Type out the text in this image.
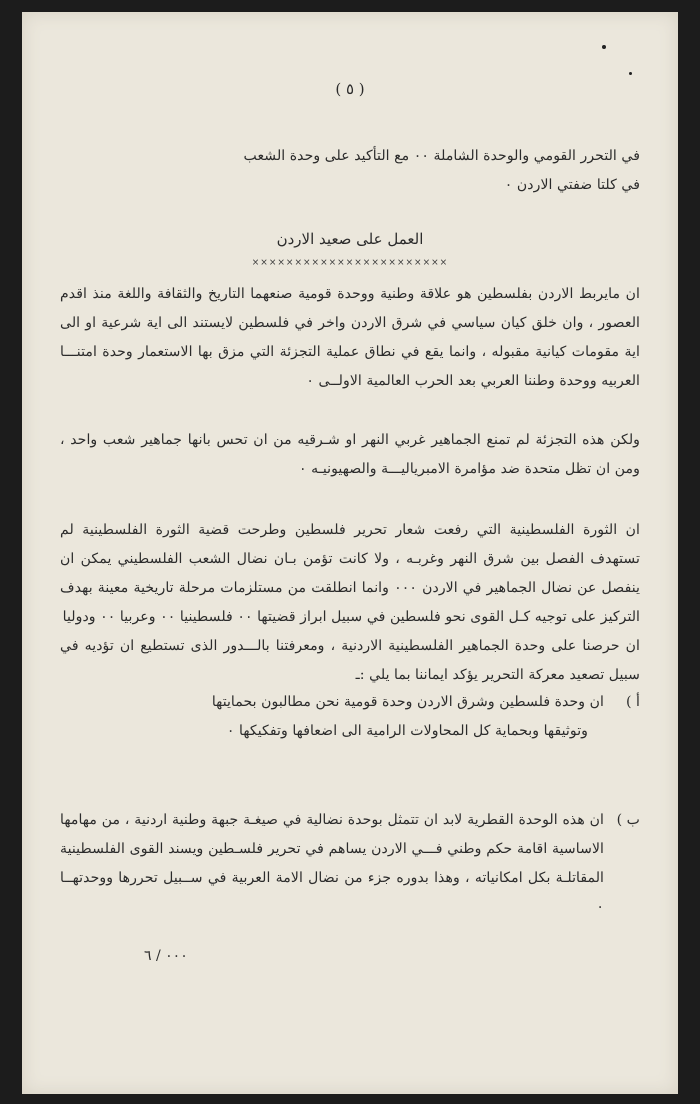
( ٥ )

في التحرر القومي والوحدة الشاملة ٠٠ مع التأكيد على وحدة الشعب

في كلتا ضفتي الاردن ٠

العمل على صعيد الاردن
×××××××××××××××××××××××

ان مايربط الاردن بفلسطين هو علاقة وطنية ووحدة قومية صنعهما التاريخ والثقافة واللغة منذ اقدم العصور ، وان خلق كيان سياسي في شرق الاردن واخر في فلسطين لايستند الى اية شرعية او الى اية مقومات كيانية مقبوله ، وانما يقع في نطاق عملية التجزئة التي مزق بها الاستعمار وحدة امتنـــا العربيه ووحدة وطننا العربي بعد الحرب العالمية الاولــى ٠

ولكن هذه التجزئة لم تمنع الجماهير غربي النهر او شـرقيه من ان تحس بانها جماهير شعب واحد ، ومن ان تظل متحدة ضد مؤامرة الامبرياليـــة والصهيونيـه ٠

ان الثورة الفلسطينية التي رفعت شعار تحرير فلسطين وطرحت قضية الثورة الفلسطينية لم تستهدف الفصل بين شرق النهر وغربـه ، ولا كانت تؤمن بـان نضال الشعب الفلسطيني يمكن ان ينفصل عن نضال الجماهير في الاردن ٠٠٠ وانما انطلقت من مستلزمات مرحلة تاريخية معينة بهدف التركيز على توجيه كـل القوى نحو فلسطين في سبيل ابراز قضيتها ٠٠ فلسطينيا ٠٠ وعربيا ٠٠ ودوليا

ان حرصنا على وحدة الجماهير الفلسطينية الاردنية ، ومعرفتنا بالـــدور الذى تستطيع ان تؤديه في سبيل تصعيد معركة التحرير يؤكد ايماننا بما يلي :ـ

أ )
ان وحدة فلسطين وشرق الاردن وحدة قومية نحن مطالبون بحمايتها
وتوثيقها وبحماية كل المحاولات الرامية الى اضعافها وتفكيكها ٠
ب )
ان هذه الوحدة القطرية لابد ان تتمثل بوحدة نضالية في صيغـة جبهة وطنية اردنية ، من مهامها الاساسية اقامة حكم وطني فـــي الاردن يساهم في تحرير فلسـطين ويسند القوى الفلسطينية المقاتلـة بكل امكانياته ، وهذا بدوره جزء من نضال الامة العربية في ســبيل تحررها ووحدتهــا ٠
٠٠٠ / ٦
